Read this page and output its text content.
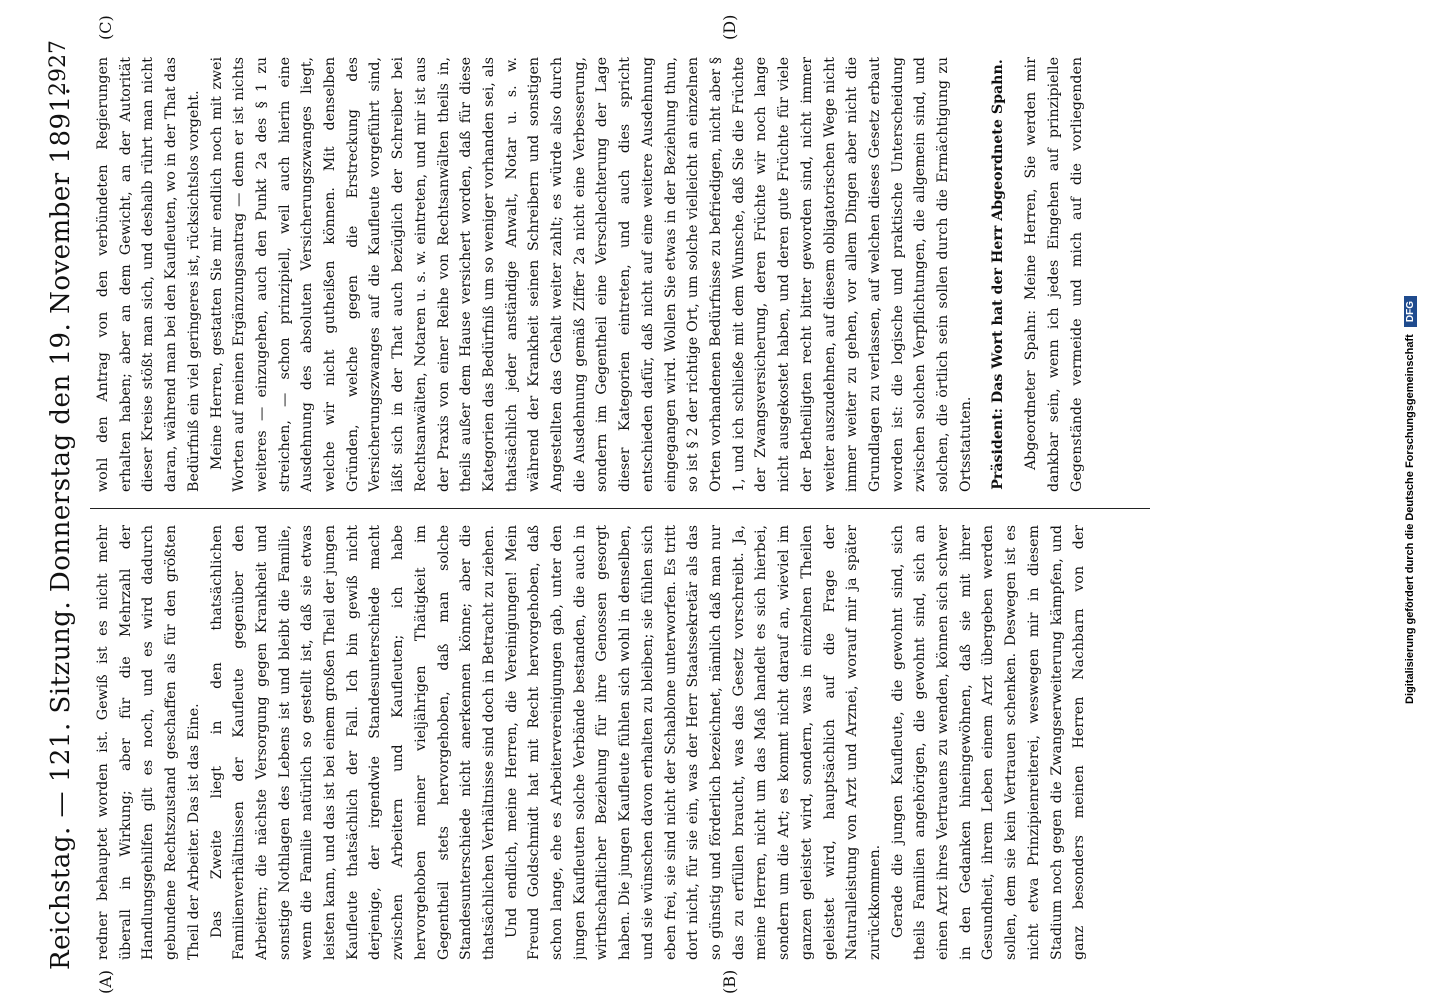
Reichstag. — 121. Sitzung. Donnerstag den 19. November 1891.
2927
(A)	(B)
(C)	(D)

redner behauptet worden ist. Gewiß ist es nicht mehr überall in Wirkung; aber für die Mehrzahl der Handlungsgehilfen gilt es noch, und es wird dadurch gebundene Rechtszustand geschaffen als für den größten Theil der Arbeiter. Das ist das Eine. Das Zweite liegt in den thatsächlichen Familienverhältnissen der Kaufleute gegenüber den Arbeitern; die nächste Versorgung gegen Krankheit und sonstige Nothlagen des Lebens ist und bleibt die Familie, wenn die Familie natürlich so gestellt ist, daß sie etwas leisten kann, und das ist bei einem großen Theil der jungen Kaufleute thatsächlich der Fall. Ich bin gewiß nicht derjenige, der irgendwie Standesunterschiede macht zwischen Arbeitern und Kaufleuten; ich habe hervorgehoben meiner vieljährigen Thätigkeit im Gegentheil stets hervorgehoben, daß man solche Standesunterschiede nicht anerkennen könne; aber die thatsächlichen Verhältnisse sind doch in Betracht zu ziehen. Und endlich, meine Herren, die Vereinigungen! Mein Freund Goldschmidt hat mit Recht hervorgehoben, daß schon lange, ehe es Arbeitervereinigungen gab, unter den jungen Kaufleuten solche Verbände bestanden, die auch in wirthschaftlicher Beziehung für ihre Genossen gesorgt haben. Die jungen Kaufleute fühlen sich wohl in denselben, und sie wünschen davon erhalten zu bleiben; sie fühlen sich eben frei, sie sind nicht der Schablone unterworfen. Es tritt dort nicht, für sie ein, was der Herr Staatssekretär als das so günstig und förderlich bezeichnet, nämlich daß man nur das zu erfüllen braucht, was das Gesetz vorschreibt. Ja, meine Herren, nicht um das Maß handelt es sich hierbei, sondern um die Art; es kommt nicht darauf an, wieviel im ganzen geleistet wird, sondern, was in einzelnen Theilen geleistet wird, hauptsächlich auf die Frage der Naturalleistung von Arzt und Arznei, worauf mir ja später zurückkommen. Gerade die jungen Kaufleute, die gewohnt sind, sich theils Familien angehörigen, die gewohnt sind, sich an einen Arzt ihres Vertrauens zu wenden, können sich schwer in den Gedanken hineingewöhnen, daß sie mit ihrer Gesundheit, ihrem Leben einem Arzt übergeben werden sollen, dem sie kein Vertrauen schenken. Deswegen ist es nicht etwa Prinzipienreiterei, weswegen mir in diesem Stadium noch gegen die Zwangserweiterung kämpfen, und ganz besonders meinen Herren Nachbarn von der

wohl den Antrag von den verbündeten Regierungen erhalten haben; aber an dem Gewicht, an der Autorität dieser Kreise stößt man sich, und deshalb rührt man nicht daran, während man bei den Kaufleuten, wo in der That das Bedürfniß ein viel geringeres ist, rücksichtslos vorgeht. Meine Herren, gestatten Sie mir endlich noch mit zwei Worten auf meinen Ergänzungsantrag — denn er ist nichts weiteres — einzugehen, auch den Punkt 2a des § 1 zu streichen, — schon prinzipiell, weil auch hierin eine Ausdehnung des absoluten Versicherungszwanges liegt, welche wir nicht gutheißen können. Mit denselben Gründen, welche gegen die Erstreckung des Versicherungszwanges auf die Kaufleute vorgeführt sind, läßt sich in der That auch bezüglich der Schreiber bei Rechtsanwälten, Notaren u. s. w. eintreten, und mir ist aus der Praxis von einer Reihe von Rechtsanwälten theils in, theils außer dem Hause versichert worden, daß für diese Kategorien das Bedürfniß um so weniger vorhanden sei, als thatsächlich jeder anständige Anwalt, Notar u. s. w. während der Krankheit seinen Schreibern und sonstigen Angestellten das Gehalt weiter zahlt; es würde also durch die Ausdehnung gemäß Ziffer 2a nicht eine Verbesserung, sondern im Gegentheil eine Verschlechterung der Lage dieser Kategorien eintreten, und auch dies spricht entschieden dafür, daß nicht auf eine weitere Ausdehnung eingegangen wird. Wollen Sie etwas in der Beziehung thun, so ist § 2 der richtige Ort, um solche vielleicht an einzelnen Orten vorhandenen Bedürfnisse zu befriedigen, nicht aber § 1, und ich schließe mit dem Wunsche, daß Sie die Früchte der Zwangsversicherung, deren Früchte wir noch lange nicht ausgekostet haben, und deren gute Früchte für viele der Betheiligten recht bitter geworden sind, nicht immer weiter auszudehnen, auf diesem obligatorischen Wege nicht immer weiter zu gehen, vor allem Dingen aber nicht die Grundlagen zu verlassen, auf welchen dieses Gesetz erbaut worden ist: die logische und praktische Unterscheidung zwischen solchen Verpflichtungen, die allgemein sind, und solchen, die örtlich sein sollen durch die Ermächtigung zu Ortsstatuten. Präsident: Das Wort hat der Herr Abgeordnete Spahn. Abgeordneter Spahn: Meine Herren, Sie werden mir dankbar sein, wenn ich jedes Eingehen auf prinzipielle Gegenstände vermeide und mich auf die vorliegenden

Digitalisierung gefördert durch die Deutsche Forschungsgemeinschaft DFG
